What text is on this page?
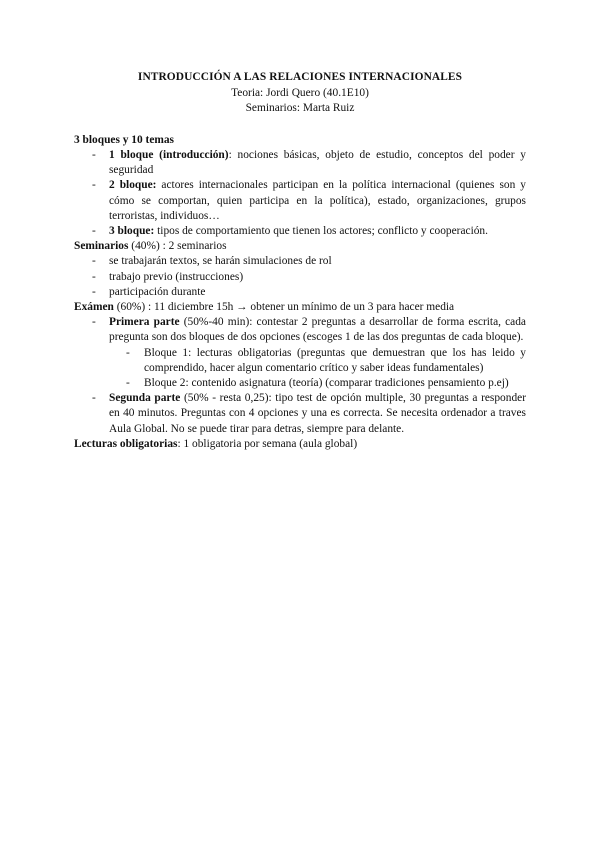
INTRODUCCIÓN A LAS RELACIONES INTERNACIONALES
Teoria: Jordi Quero (40.1E10)
Seminarios: Marta Ruiz
3 bloques y 10 temas
- 1 bloque (introducción): nociones básicas, objeto de estudio, conceptos del poder y seguridad
- 2 bloque: actores internacionales participan en la política internacional (quienes son y cómo se comportan, quien participa en la política), estado, organizaciones, grupos terroristas, individuos…
- 3 bloque: tipos de comportamiento que tienen los actores; conflicto y cooperación.
Seminarios (40%) : 2 seminarios
- se trabajarán textos, se harán simulaciones de rol
- trabajo previo (instrucciones)
- participación durante
Exámen (60%) : 11 diciembre 15h → obtener un mínimo de un 3 para hacer media
- Primera parte (50%-40 min): contestar 2 preguntas a desarrollar de forma escrita, cada pregunta son dos bloques de dos opciones (escoges 1 de las dos preguntas de cada bloque).
- Bloque 1: lecturas obligatorias (preguntas que demuestran que los has leido y comprendido, hacer algun comentario crítico y saber ideas fundamentales)
- Bloque 2: contenido asignatura (teoría) (comparar tradiciones pensamiento p.ej)
- Segunda parte (50% - resta 0,25): tipo test de opción multiple, 30 preguntas a responder en 40 minutos. Preguntas con 4 opciones y una es correcta. Se necesita ordenador a traves Aula Global. No se puede tirar para detras, siempre para delante.
Lecturas obligatorias: 1 obligatoria por semana (aula global)
